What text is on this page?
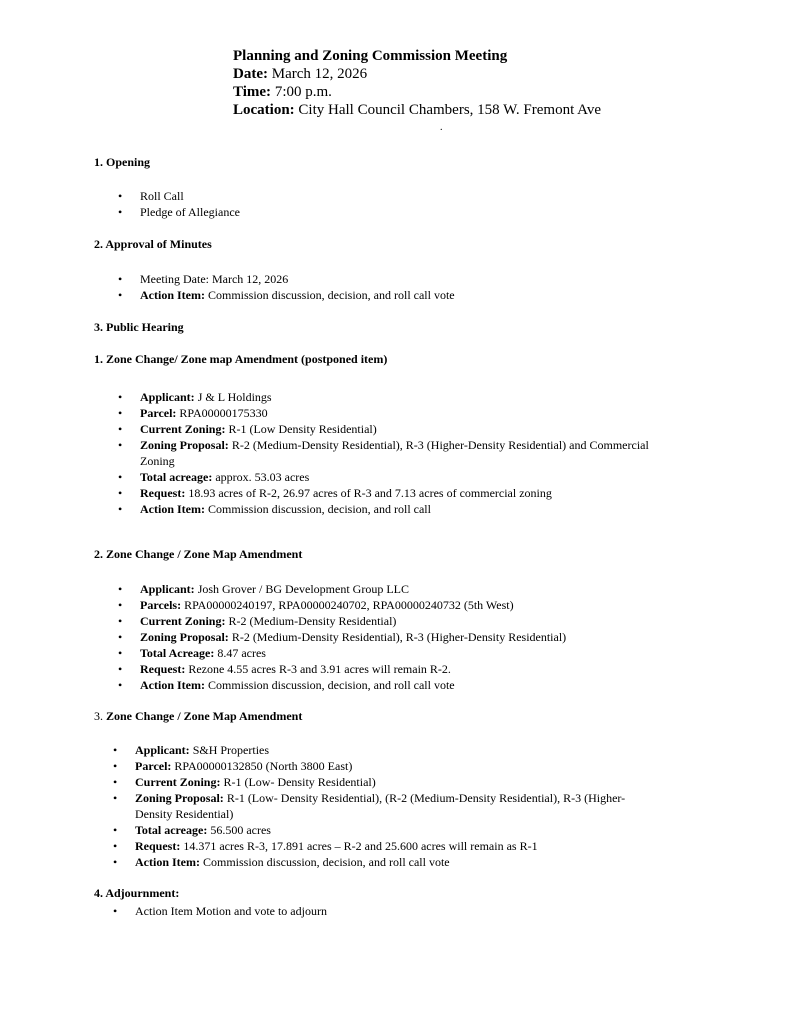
Planning and Zoning Commission Meeting
Date: March 12, 2026
Time: 7:00 p.m.
Location: City Hall Council Chambers, 158 W. Fremont Ave
.
1. Opening
• Roll Call
• Pledge of Allegiance
2. Approval of Minutes
• Meeting Date: March 12, 2026
• Action Item: Commission discussion, decision, and roll call vote
3. Public Hearing
1. Zone Change/ Zone map Amendment (postponed item)
• Applicant: J & L Holdings
• Parcel: RPA00000175330
• Current Zoning: R-1 (Low Density Residential)
• Zoning Proposal: R-2 (Medium-Density Residential), R-3 (Higher-Density Residential) and Commercial
Zoning
• Total acreage: approx. 53.03 acres
• Request: 18.93 acres of R-2, 26.97 acres of R-3 and 7.13 acres of commercial zoning
• Action Item: Commission discussion, decision, and roll call
2. Zone Change / Zone Map Amendment
• Applicant: Josh Grover / BG Development Group LLC
• Parcels: RPA00000240197, RPA00000240702, RPA00000240732 (5th West)
• Current Zoning: R-2 (Medium-Density Residential)
• Zoning Proposal: R-2 (Medium-Density Residential), R-3 (Higher-Density Residential)
• Total Acreage: 8.47 acres
• Request: Rezone 4.55 acres R-3 and 3.91 acres will remain R-2.
• Action Item: Commission discussion, decision, and roll call vote
3. Zone Change / Zone Map Amendment
• Applicant: S&H Properties
• Parcel: RPA00000132850 (North 3800 East)
• Current Zoning: R-1 (Low- Density Residential)
• Zoning Proposal: R-1 (Low- Density Residential), (R-2 (Medium-Density Residential), R-3 (Higher-
Density Residential)
• Total acreage: 56.500 acres
• Request: 14.371 acres R-3, 17.891 acres – R-2 and 25.600 acres will remain as R-1
• Action Item: Commission discussion, decision, and roll call vote
4. Adjournment:
• Action Item Motion and vote to adjourn
